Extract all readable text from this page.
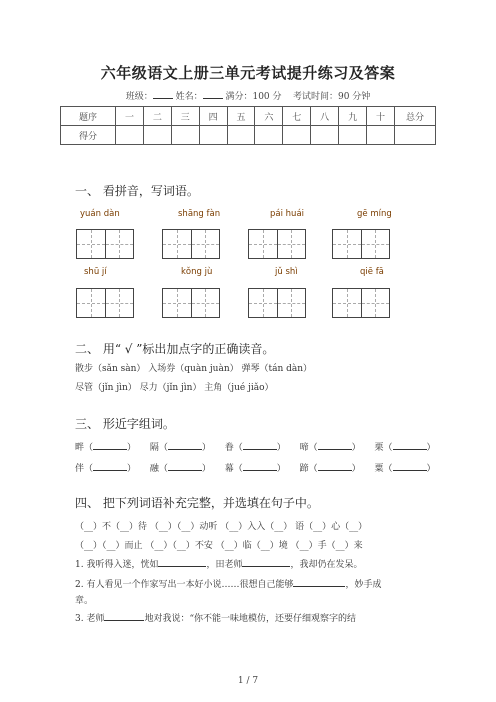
六年级语文上册三单元考试提升练习及答案
班级：	姓名：	满分：100 分 考试时间：90 分钟
题序	一	二	三	四	五	六	七	八	九	十	总分
得分											
一、 看拼音，写词语。
yuán dàn	shāng fàn	pái huái	gē míng
shū jí	kǒng jù	jǔ shì	qiē fā
二、 用“ √ ”标出加点字的正确读音。
散步（sǎn sàn） 入场券（quàn juàn） 弹琴（tán dàn）
尽管（jǐn jìn） 尽力（jǐn jìn） 主角（jué jiǎo）
三、 形近字组词。
畔（	） 隔（	） 眷（	） 啼（	） 栗（	）
伴（	） 融（	） 幕（	） 蹄（	） 粟（	）
四、 把下列词语补充完整，并选填在句子中。
（__）不（__）待 （__）（__）动听 （__）入入（__） 语（__）心（__）
（__）（__）而止 （__）（__）不安 （__）临（__）境 （__）手（__）来
1. 我听得入迷，恍如	，田老师	，我却仍在发呆。
2. 有人看见一个作家写出一本好小说……很想自己能够	，妙手成
章。
3. 老师	地对我说：“你不能一味地模仿，还要仔细观察字的结
1 / 7
